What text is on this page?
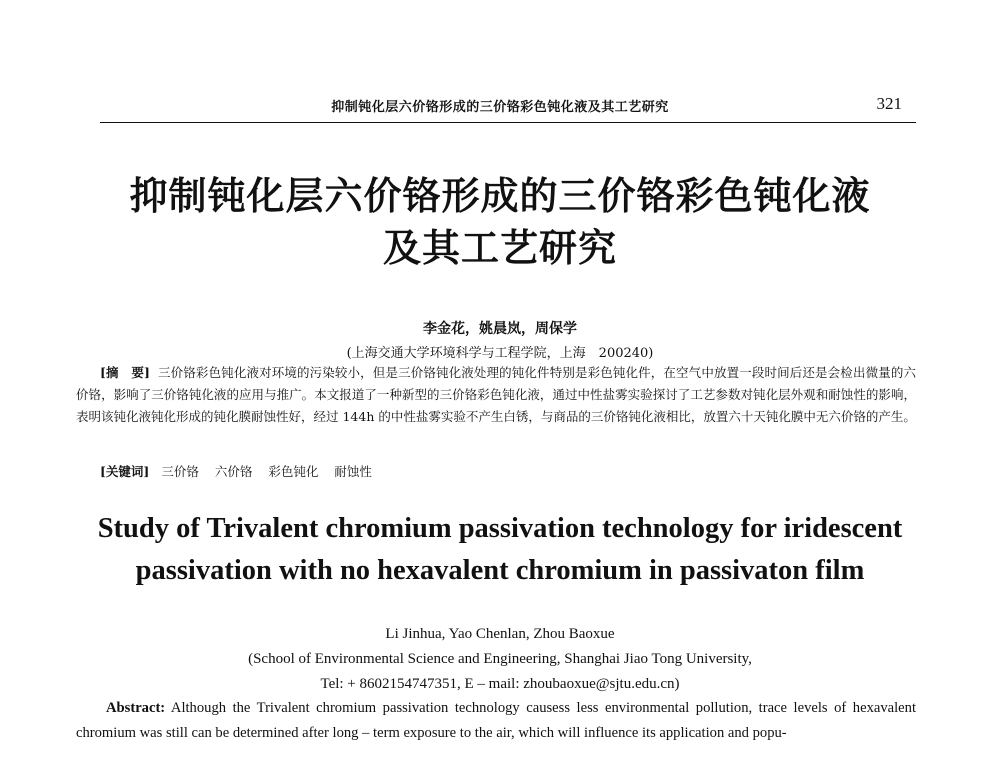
抑制钝化层六价铬形成的三价铬彩色钝化液及其工艺研究	321
抑制钝化层六价铬形成的三价铬彩色钝化液
及其工艺研究
李金花，姚晨岚，周保学
(上海交通大学环境科学与工程学院，上海　200240)
[摘　要] 三价铬彩色钝化液对环境的污染较小，但是三价铬钝化液处理的钝化件特别是彩色钝化件，在空气中放置一段时间后还是会检出微量的六价铬，影响了三价铬钝化液的应用与推广。本文报道了一种新型的三价铬彩色钝化液，通过中性盐雾实验探讨了工艺参数对钝化层外观和耐蚀性的影响，表明该钝化液钝化形成的钝化膜耐蚀性好，经过 144h 的中性盐雾实验不产生白锈，与商品的三价铬钝化液相比，放置六十天钝化膜中无六价铬的产生。
[关键词] 三价铬 六价铬 彩色钝化 耐蚀性
Study of Trivalent chromium passivation technology for iridescent
passivation with no hexavalent chromium in passivaton film
Li Jinhua, Yao Chenlan, Zhou Baoxue
(School of Environmental Science and Engineering, Shanghai Jiao Tong University,
Tel: + 8602154747351, E – mail: zhoubaoxue@sjtu.edu.cn)
Abstract: Although the Trivalent chromium passivation technology causess less environmental pollution, trace levels of hexavalent chromium was still can be determined after long – term exposure to the air, which will influence its application and popu-
